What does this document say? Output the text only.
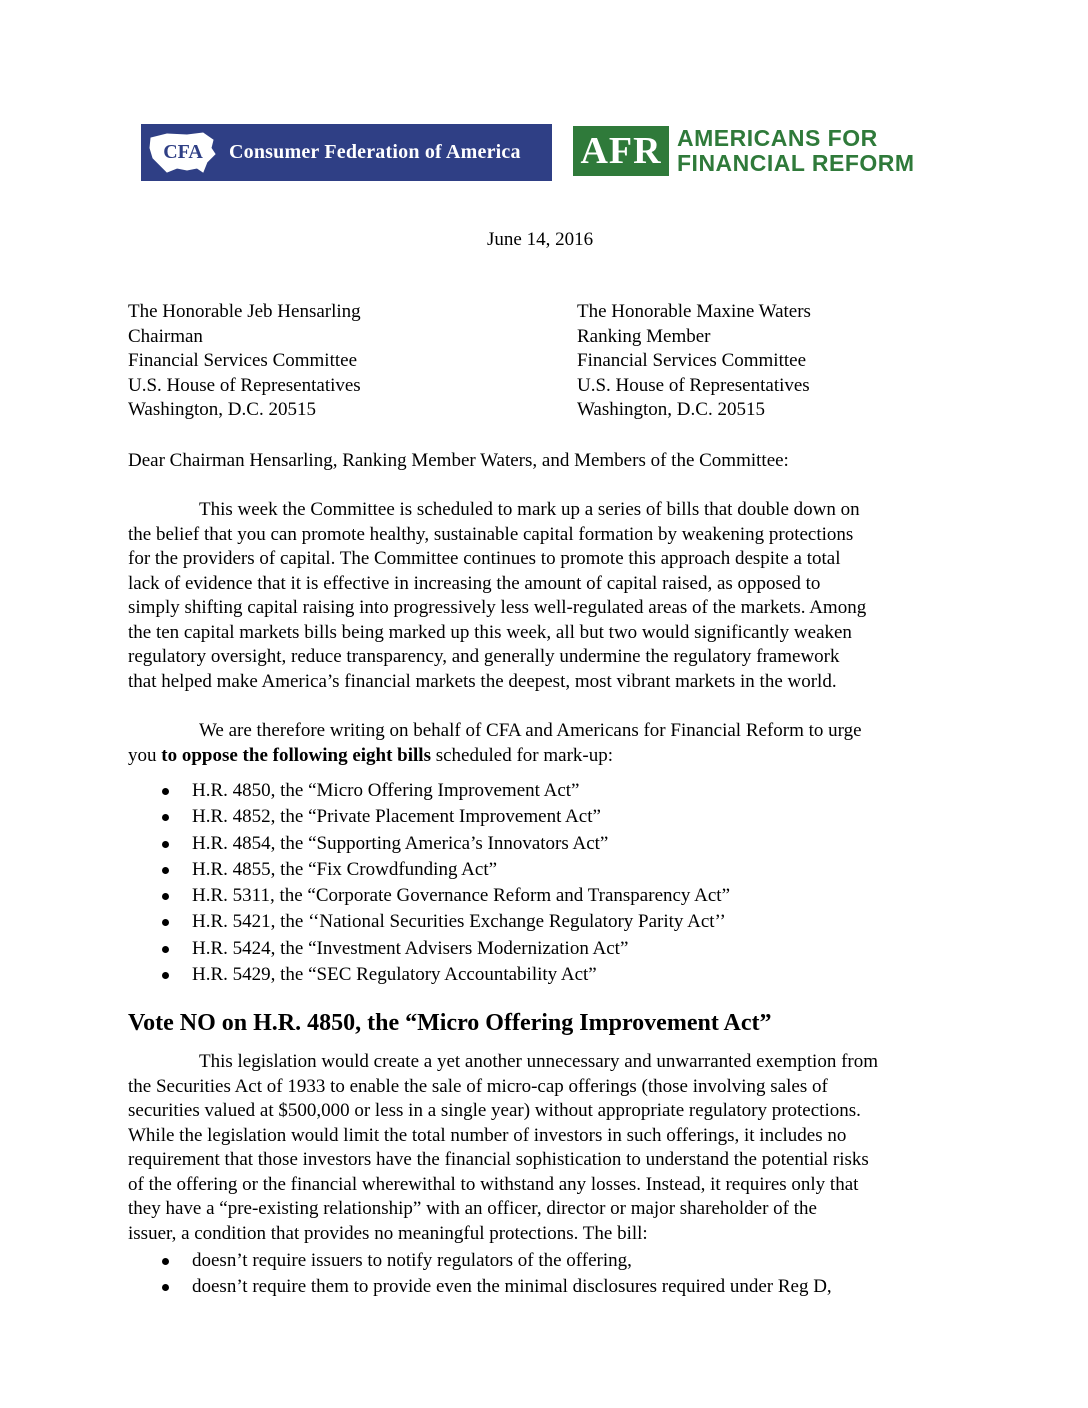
CFA Consumer Federation of America AFR AMERICANS FOR
FINANCIAL REFORM
June 14, 2016
The Honorable Jeb Hensarling
Chairman
Financial Services Committee
U.S. House of Representatives
Washington, D.C. 20515
The Honorable Maxine Waters
Ranking Member
Financial Services Committee
U.S. House of Representatives
Washington, D.C. 20515
Dear Chairman Hensarling, Ranking Member Waters, and Members of the Committee:
This week the Committee is scheduled to mark up a series of bills that double down on
the belief that you can promote healthy, sustainable capital formation by weakening protections
for the providers of capital. The Committee continues to promote this approach despite a total
lack of evidence that it is effective in increasing the amount of capital raised, as opposed to
simply shifting capital raising into progressively less well-regulated areas of the markets. Among
the ten capital markets bills being marked up this week, all but two would significantly weaken
regulatory oversight, reduce transparency, and generally undermine the regulatory framework
that helped make America’s financial markets the deepest, most vibrant markets in the world.
We are therefore writing on behalf of CFA and Americans for Financial Reform to urge
you to oppose the following eight bills scheduled for mark-up:
H.R. 4850, the “Micro Offering Improvement Act”
H.R. 4852, the “Private Placement Improvement Act”
H.R. 4854, the “Supporting America’s Innovators Act”
H.R. 4855, the “Fix Crowdfunding Act”
H.R. 5311, the “Corporate Governance Reform and Transparency Act”
H.R. 5421, the ‘‘National Securities Exchange Regulatory Parity Act’’
H.R. 5424, the “Investment Advisers Modernization Act”
H.R. 5429, the “SEC Regulatory Accountability Act”
Vote NO on H.R. 4850, the “Micro Offering Improvement Act”
This legislation would create a yet another unnecessary and unwarranted exemption from
the Securities Act of 1933 to enable the sale of micro-cap offerings (those involving sales of
securities valued at $500,000 or less in a single year) without appropriate regulatory protections.
While the legislation would limit the total number of investors in such offerings, it includes no
requirement that those investors have the financial sophistication to understand the potential risks
of the offering or the financial wherewithal to withstand any losses. Instead, it requires only that
they have a “pre-existing relationship” with an officer, director or major shareholder of the
issuer, a condition that provides no meaningful protections. The bill:
doesn’t require issuers to notify regulators of the offering,
doesn’t require them to provide even the minimal disclosures required under Reg D,
